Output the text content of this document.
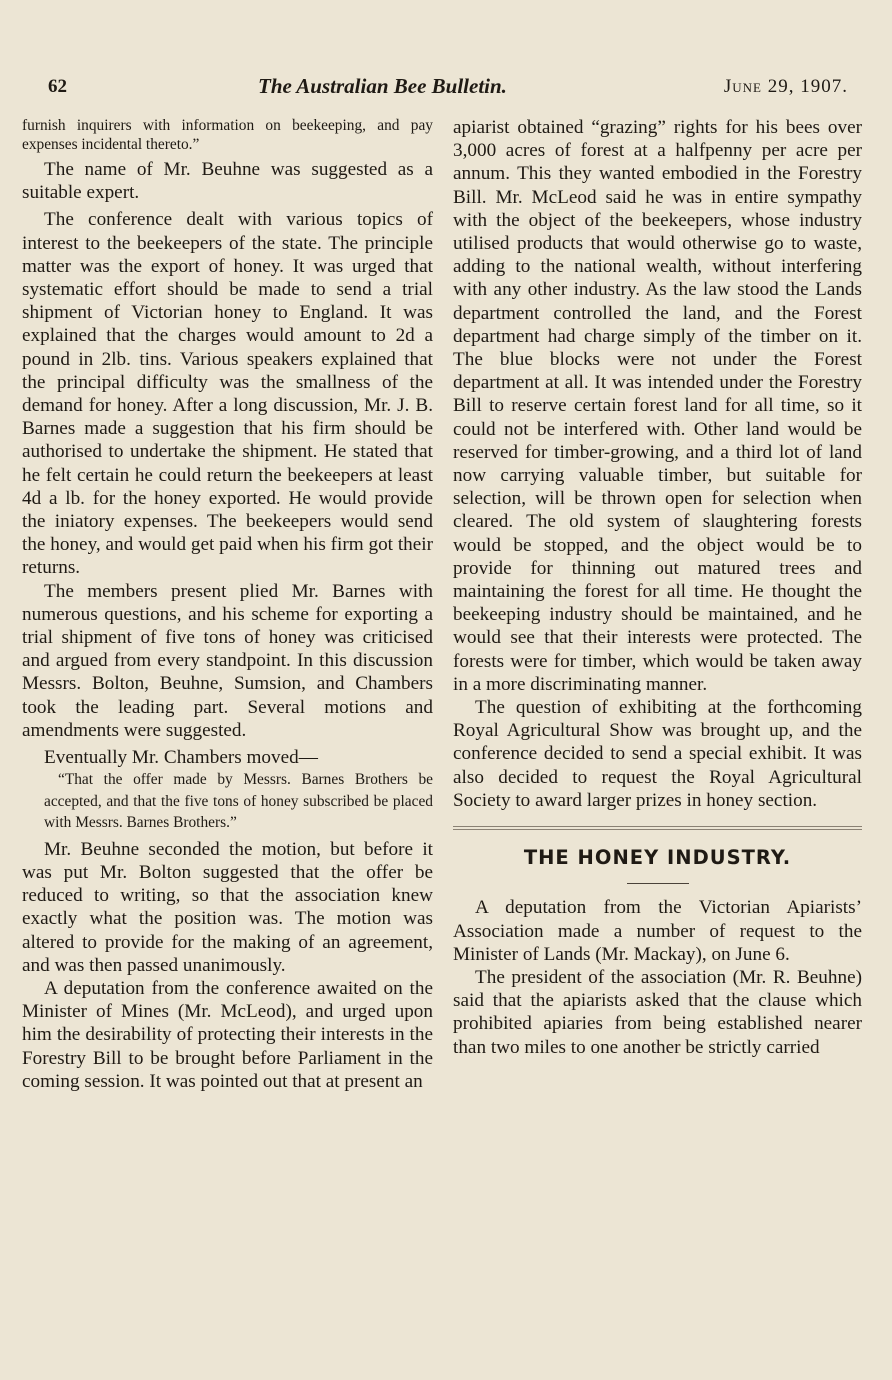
62	The Australian Bee Bulletin.	June 29, 1907.

furnish inquirers with information on beekeeping, and pay expenses incidental thereto.”

The name of Mr. Beuhne was suggested as a suitable expert.

The conference dealt with various topics of interest to the beekeepers of the state. The principle matter was the export of honey. It was urged that systematic effort should be made to send a trial shipment of Victorian honey to England. It was explained that the charges would amount to 2d a pound in 2lb. tins. Various speakers explained that the principal difficulty was the smallness of the demand for honey. After a long discussion, Mr. J. B. Barnes made a suggestion that his firm should be authorised to undertake the shipment. He stated that he felt certain he could return the beekeepers at least 4d a lb. for the honey exported. He would provide the iniatory expenses. The beekeepers would send the honey, and would get paid when his firm got their returns.

The members present plied Mr. Barnes with numerous questions, and his scheme for exporting a trial shipment of five tons of honey was criticised and argued from every standpoint. In this discussion Messrs. Bolton, Beuhne, Sumsion, and Chambers took the leading part. Several motions and amendments were suggested.

Eventually Mr. Chambers moved—

“That the offer made by Messrs. Barnes Brothers be accepted, and that the five tons of honey subscribed be placed with Messrs. Barnes Brothers.”

Mr. Beuhne seconded the motion, but before it was put Mr. Bolton suggested that the offer be reduced to writing, so that the association knew exactly what the position was. The motion was altered to provide for the making of an agreement, and was then passed unanimously.

A deputation from the conference awaited on the Minister of Mines (Mr. McLeod), and urged upon him the desirability of protecting their interests in the Forestry Bill to be brought before Parliament in the coming session. It was pointed out that at present an

apiarist obtained “grazing” rights for his bees over 3,000 acres of forest at a halfpenny per acre per annum. This they wanted embodied in the Forestry Bill. Mr. McLeod said he was in entire sympathy with the object of the beekeepers, whose industry utilised products that would otherwise go to waste, adding to the national wealth, without interfering with any other industry. As the law stood the Lands department controlled the land, and the Forest department had charge simply of the timber on it. The blue blocks were not under the Forest department at all. It was intended under the Forestry Bill to reserve certain forest land for all time, so it could not be interfered with. Other land would be reserved for timber-growing, and a third lot of land now carrying valuable timber, but suitable for selection, will be thrown open for selection when cleared. The old system of slaughtering forests would be stopped, and the object would be to provide for thinning out matured trees and maintaining the forest for all time. He thought the beekeeping industry should be maintained, and he would see that their interests were protected. The forests were for timber, which would be taken away in a more discriminating manner.

The question of exhibiting at the forthcoming Royal Agricultural Show was brought up, and the conference decided to send a special exhibit. It was also decided to request the Royal Agricultural Society to award larger prizes in honey section.

THE HONEY INDUSTRY.

A deputation from the Victorian Apiarists’ Association made a number of request to the Minister of Lands (Mr. Mackay), on June 6.

The president of the association (Mr. R. Beuhne) said that the apiarists asked that the clause which prohibited apiaries from being established nearer than two miles to one another be strictly carried
